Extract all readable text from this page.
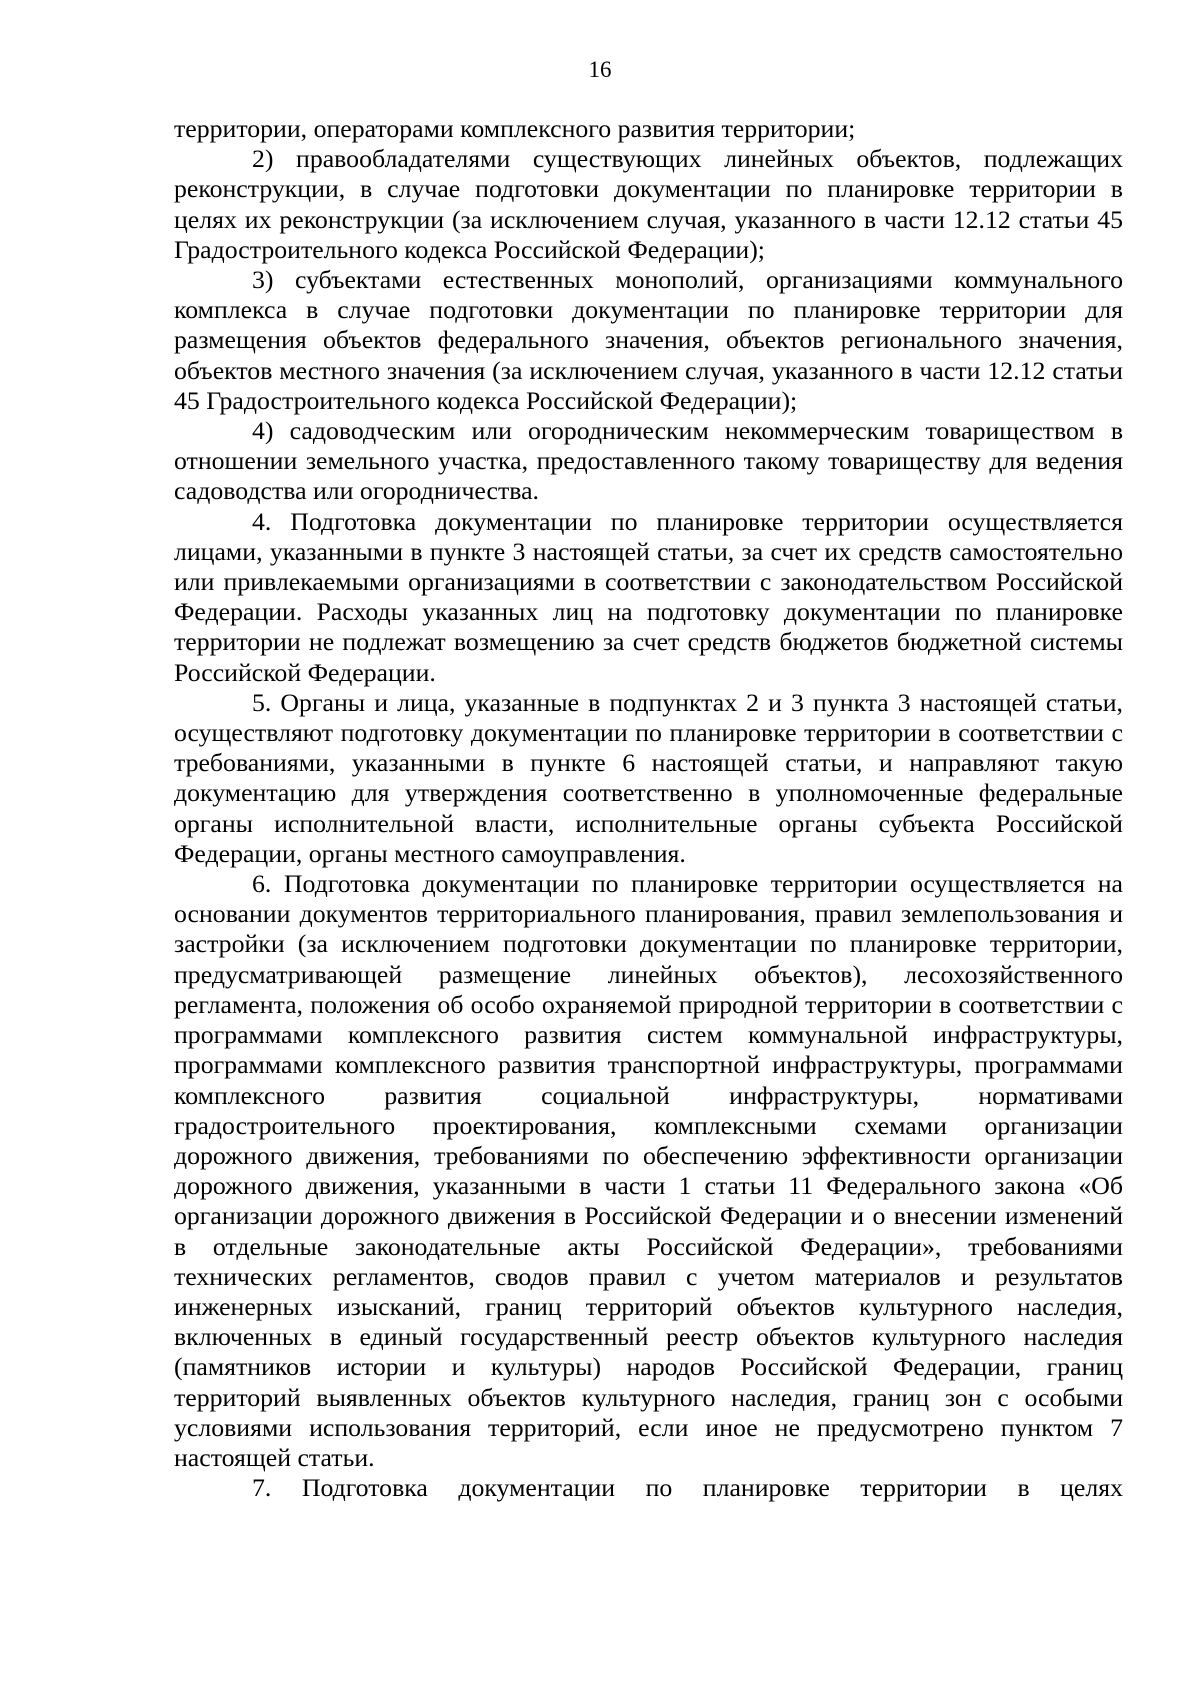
16

территории, операторами комплексного развития территории;

2) правообладателями существующих линейных объектов, подлежащих реконструкции, в случае подготовки документации по планировке территории в целях их реконструкции (за исключением случая, указанного в части 12.12 статьи 45 Градостроительного кодекса Российской Федерации);

3) субъектами естественных монополий, организациями коммунального комплекса в случае подготовки документации по планировке территории для размещения объектов федерального значения, объектов регионального значения, объектов местного значения (за исключением случая, указанного в части 12.12 статьи 45 Градостроительного кодекса Российской Федерации);

4) садоводческим или огородническим некоммерческим товариществом в отношении земельного участка, предоставленного такому товариществу для ведения садоводства или огородничества.

4. Подготовка документации по планировке территории осуществляется лицами, указанными в пункте 3 настоящей статьи, за счет их средств самостоятельно или привлекаемыми организациями в соответствии с законодательством Российской Федерации. Расходы указанных лиц на подготовку документации по планировке территории не подлежат возмещению за счет средств бюджетов бюджетной системы Российской Федерации.

5. Органы и лица, указанные в подпунктах 2 и 3 пункта 3 настоящей статьи, осуществляют подготовку документации по планировке территории в соответствии с требованиями, указанными в пункте 6 настоящей статьи, и направляют такую документацию для утверждения соответственно в уполномоченные федеральные органы исполнительной власти, исполнительные органы субъекта Российской Федерации, органы местного самоуправления.

6. Подготовка документации по планировке территории осуществляется на основании документов территориального планирования, правил землепользования и застройки (за исключением подготовки документации по планировке территории, предусматривающей размещение линейных объектов), лесохозяйственного регламента, положения об особо охраняемой природной территории в соответствии с программами комплексного развития систем коммунальной инфраструктуры, программами комплексного развития транспортной инфраструктуры, программами комплексного развития социальной инфраструктуры, нормативами градостроительного проектирования, комплексными схемами организации дорожного движения, требованиями по обеспечению эффективности организации дорожного движения, указанными в части 1 статьи 11 Федерального закона «Об организации дорожного движения в Российской Федерации и о внесении изменений в отдельные законодательные акты Российской Федерации», требованиями технических регламентов, сводов правил с учетом материалов и результатов инженерных изысканий, границ территорий объектов культурного наследия, включенных в единый государственный реестр объектов культурного наследия (памятников истории и культуры) народов Российской Федерации, границ территорий выявленных объектов культурного наследия, границ зон с особыми условиями использования территорий, если иное не предусмотрено пунктом 7 настоящей статьи.

7. Подготовка документации по планировке территории в целях
